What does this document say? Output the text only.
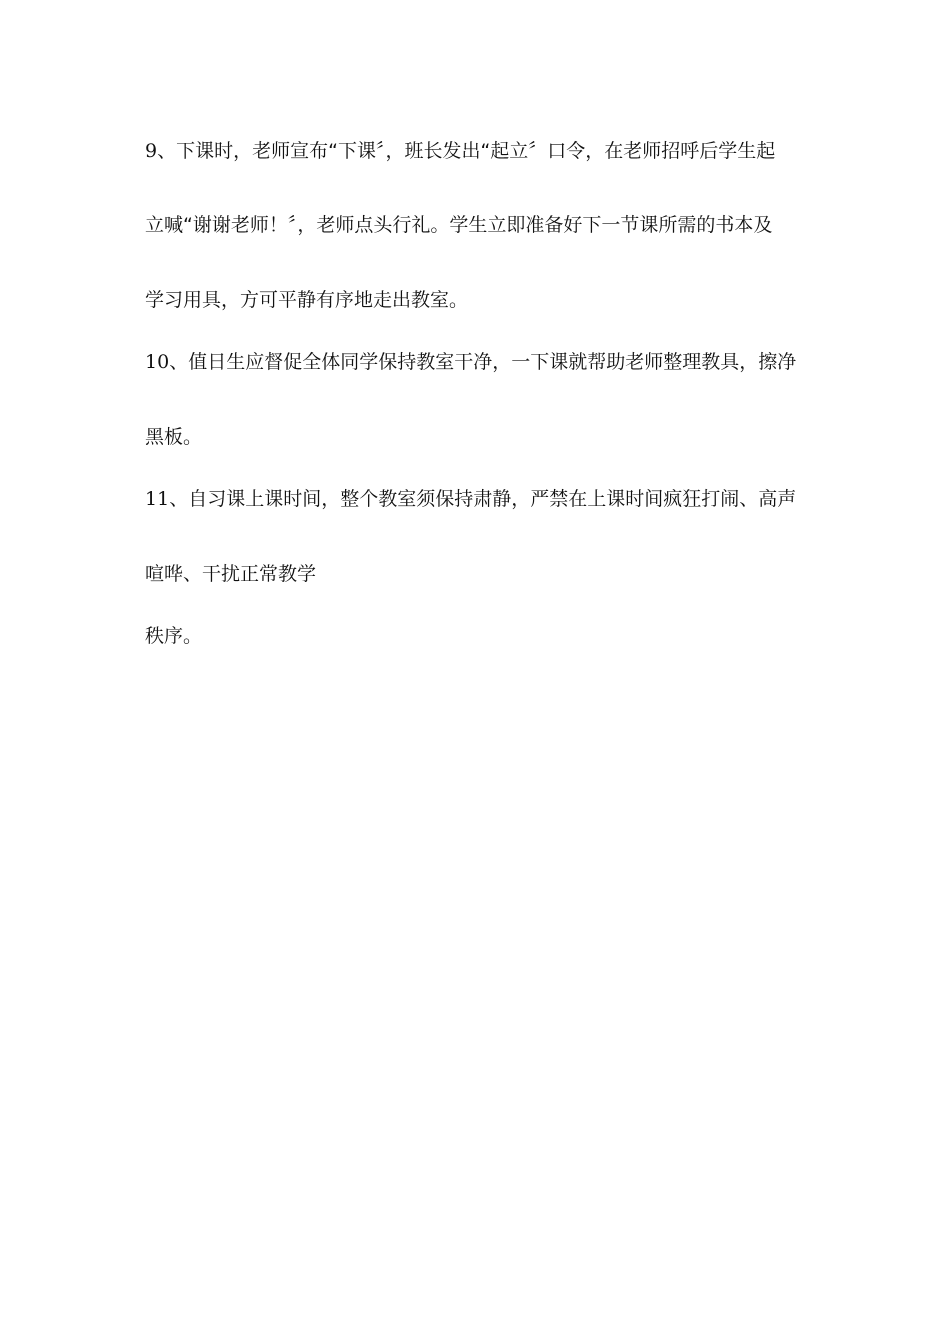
9、下课时，老师宣布“下课〞，班长发出“起立〞口令，在老师招呼后学生起
立喊“谢谢老师！〞，老师点头行礼。学生立即准备好下一节课所需的书本及
学习用具，方可平静有序地走出教室。
10、值日生应督促全体同学保持教室干净，一下课就帮助老师整理教具，擦净
黑板。
11、自习课上课时间，整个教室须保持肃静，严禁在上课时间疯狂打闹、高声
喧哗、干扰正常教学
秩序。
